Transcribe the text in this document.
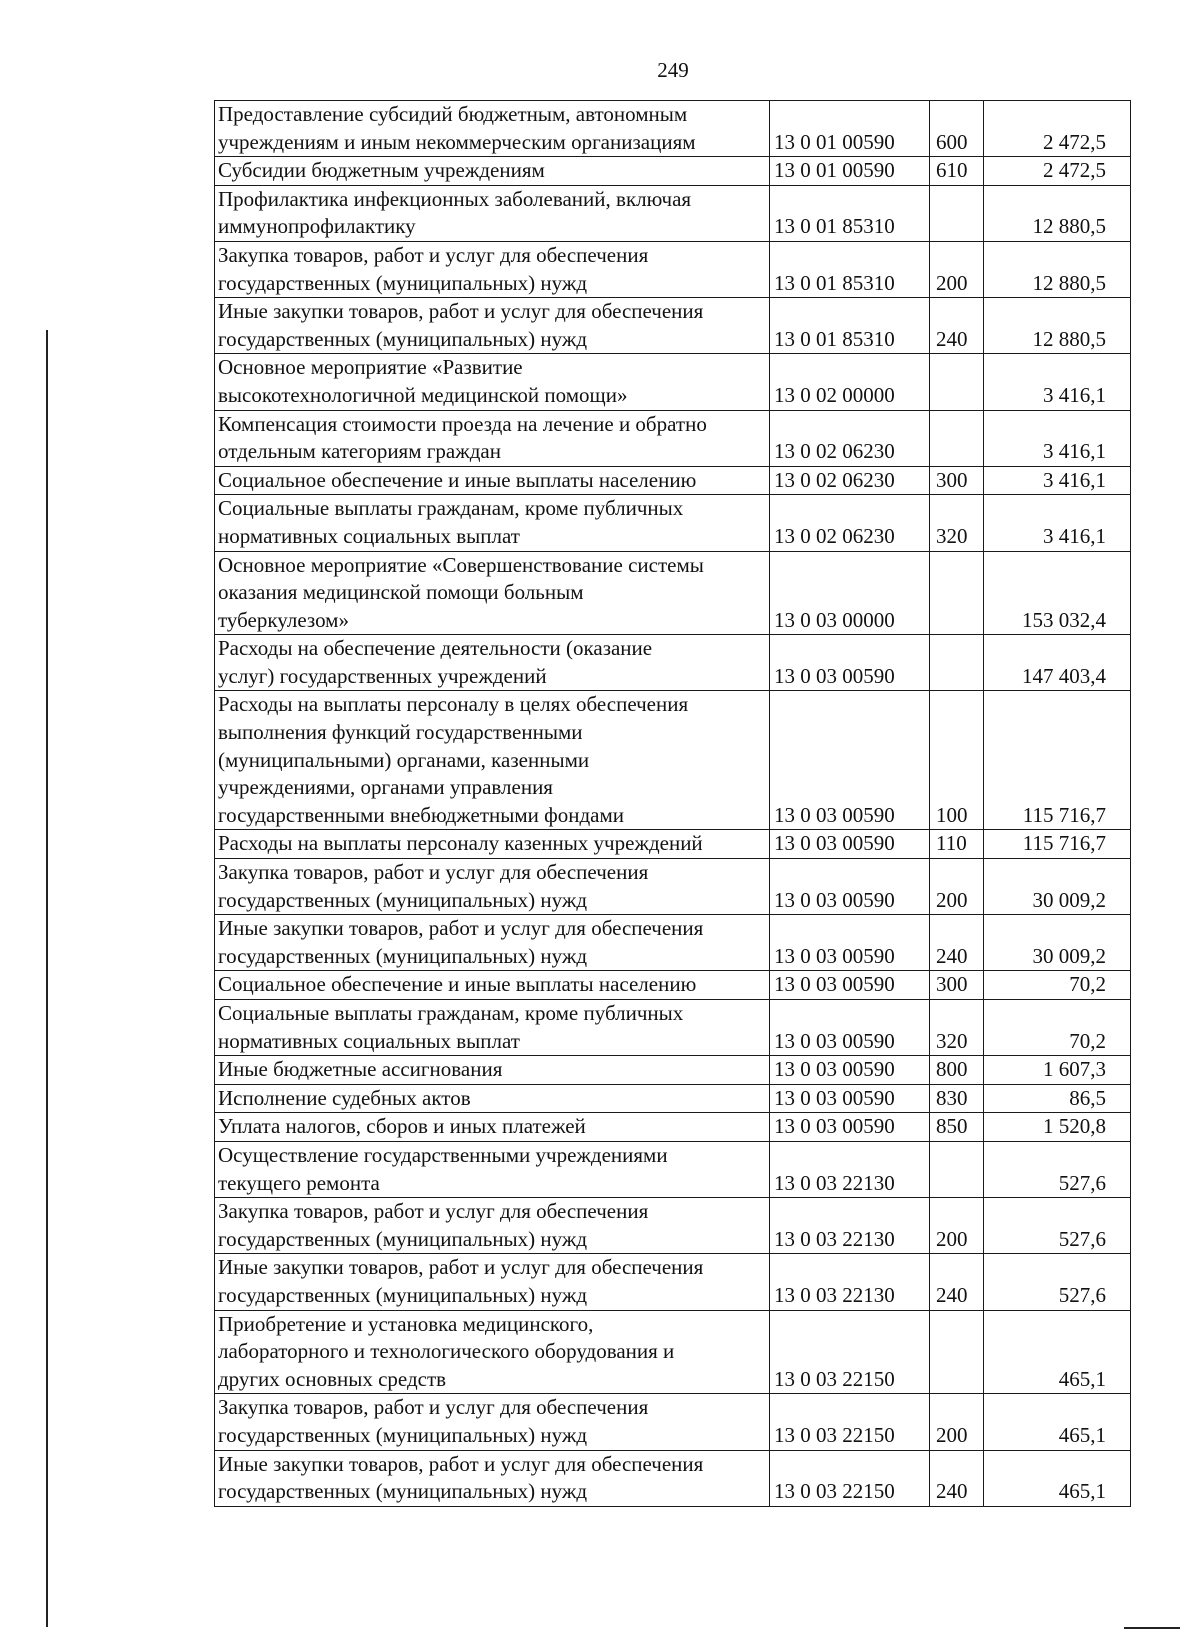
249
Предоставление субсидий бюджетным, автономным
учреждениям и иным некоммерческим организациям	13 0 01 00590	600	2 472,5
Субсидии бюджетным учреждениям	13 0 01 00590	610	2 472,5
Профилактика инфекционных заболеваний, включая
иммунопрофилактику	13 0 01 85310		12 880,5
Закупка товаров, работ и услуг для обеспечения
государственных (муниципальных) нужд	13 0 01 85310	200	12 880,5
Иные закупки товаров, работ и услуг для обеспечения
государственных (муниципальных) нужд	13 0 01 85310	240	12 880,5
Основное мероприятие «Развитие
высокотехнологичной медицинской помощи»	13 0 02 00000		3 416,1
Компенсация стоимости проезда на лечение и обратно
отдельным категориям граждан	13 0 02 06230		3 416,1
Социальное обеспечение и иные выплаты населению	13 0 02 06230	300	3 416,1
Социальные выплаты гражданам, кроме публичных
нормативных социальных выплат	13 0 02 06230	320	3 416,1
Основное мероприятие «Совершенствование системы
оказания медицинской помощи больным
туберкулезом»	13 0 03 00000		153 032,4
Расходы на обеспечение деятельности (оказание
услуг) государственных учреждений	13 0 03 00590		147 403,4
Расходы на выплаты персоналу в целях обеспечения
выполнения функций государственными
(муниципальными) органами, казенными
учреждениями, органами управления
государственными внебюджетными фондами	13 0 03 00590	100	115 716,7
Расходы на выплаты персоналу казенных учреждений	13 0 03 00590	110	115 716,7
Закупка товаров, работ и услуг для обеспечения
государственных (муниципальных) нужд	13 0 03 00590	200	30 009,2
Иные закупки товаров, работ и услуг для обеспечения
государственных (муниципальных) нужд	13 0 03 00590	240	30 009,2
Социальное обеспечение и иные выплаты населению	13 0 03 00590	300	70,2
Социальные выплаты гражданам, кроме публичных
нормативных социальных выплат	13 0 03 00590	320	70,2
Иные бюджетные ассигнования	13 0 03 00590	800	1 607,3
Исполнение судебных актов	13 0 03 00590	830	86,5
Уплата налогов, сборов и иных платежей	13 0 03 00590	850	1 520,8
Осуществление государственными учреждениями
текущего ремонта	13 0 03 22130		527,6
Закупка товаров, работ и услуг для обеспечения
государственных (муниципальных) нужд	13 0 03 22130	200	527,6
Иные закупки товаров, работ и услуг для обеспечения
государственных (муниципальных) нужд	13 0 03 22130	240	527,6
Приобретение и установка медицинского,
лабораторного и технологического оборудования и
других основных средств	13 0 03 22150		465,1
Закупка товаров, работ и услуг для обеспечения
государственных (муниципальных) нужд	13 0 03 22150	200	465,1
Иные закупки товаров, работ и услуг для обеспечения
государственных (муниципальных) нужд	13 0 03 22150	240	465,1
